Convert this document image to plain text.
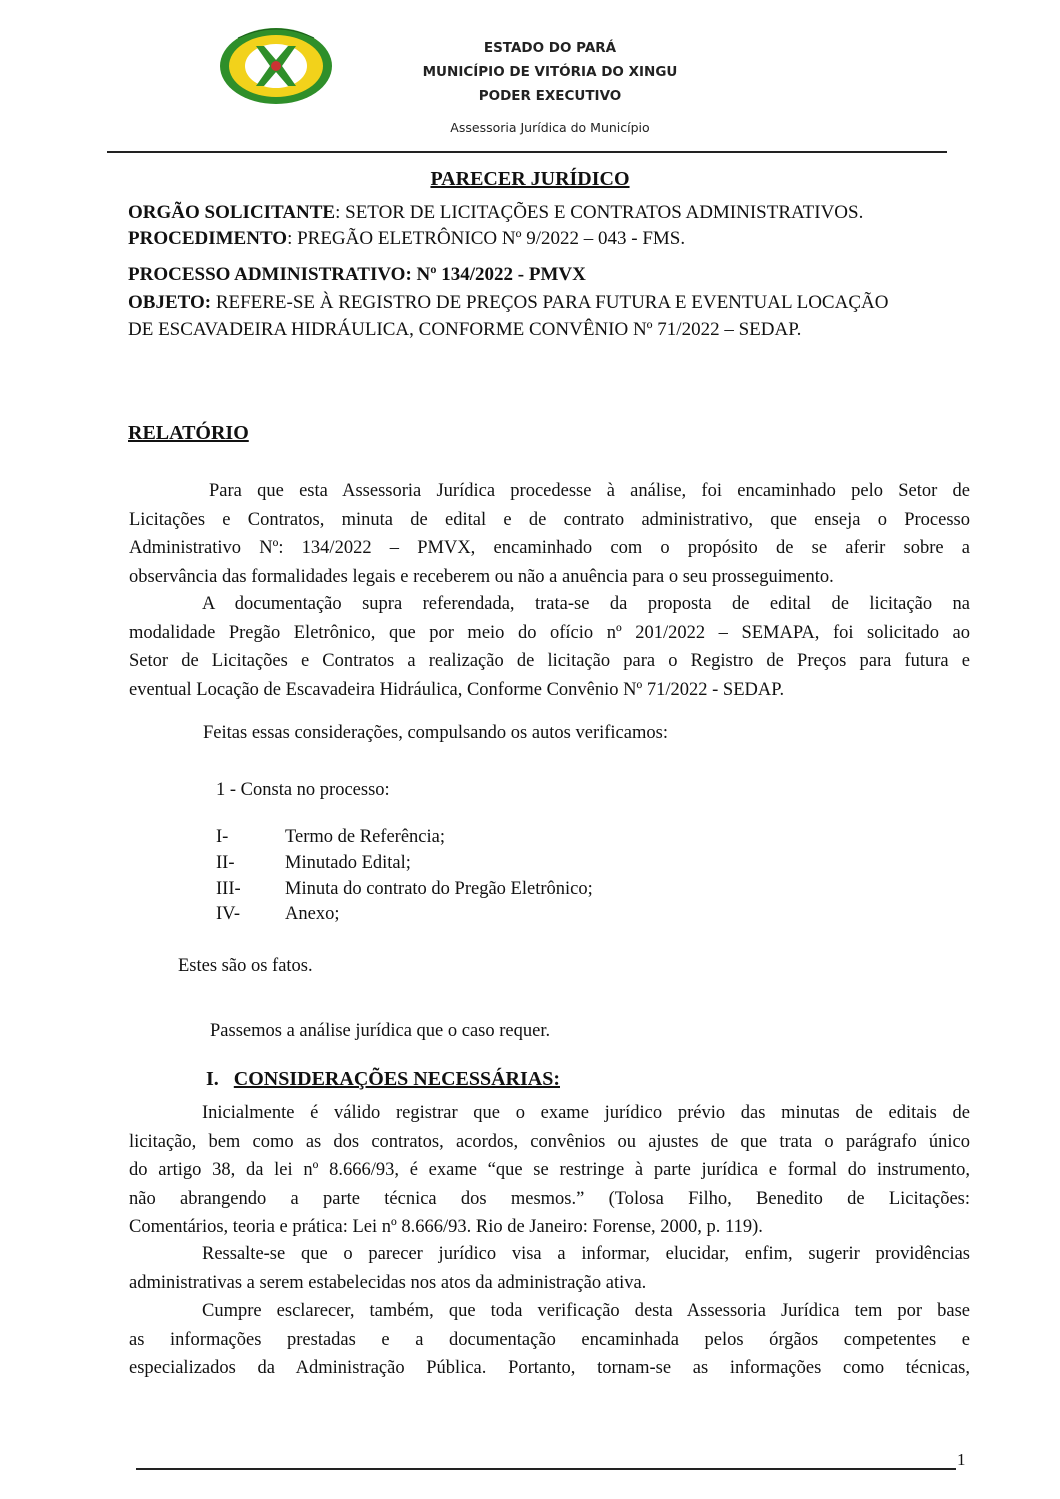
ESTADO DO PARÁ
MUNICÍPIO DE VITÓRIA DO XINGU
PODER EXECUTIVO
Assessoria Jurídica do Município
PARECER JURÍDICO
ORGÃO SOLICITANTE: SETOR DE LICITAÇÕES E CONTRATOS ADMINISTRATIVOS.
PROCEDIMENTO: PREGÃO ELETRÔNICO Nº 9/2022 – 043 - FMS.
PROCESSO ADMINISTRATIVO: Nº 134/2022 - PMVX
OBJETO: REFERE-SE À REGISTRO DE PREÇOS PARA FUTURA E EVENTUAL LOCAÇÃO
DE ESCAVADEIRA HIDRÁULICA, CONFORME CONVÊNIO Nº 71/2022 – SEDAP.
RELATÓRIO
Para que esta Assessoria Jurídica procedesse à análise, foi encaminhado pelo Setor de
Licitações e Contratos, minuta de edital e de contrato administrativo, que enseja o Processo
Administrativo Nº: 134/2022 – PMVX, encaminhado com o propósito de se aferir sobre a
observância das formalidades legais e receberem ou não a anuência para o seu prosseguimento.
A documentação supra referendada, trata-se da proposta de edital de licitação na
modalidade Pregão Eletrônico, que por meio do ofício nº 201/2022 – SEMAPA, foi solicitado ao
Setor de Licitações e Contratos a realização de licitação para o Registro de Preços para futura e
eventual Locação de Escavadeira Hidráulica, Conforme Convênio Nº 71/2022 - SEDAP.
Feitas essas considerações, compulsando os autos verificamos:
1 - Consta no processo:
I-	Termo de Referência;
II-	Minutado Edital;
III- Minuta do contrato do Pregão Eletrônico;
IV- Anexo;
Estes são os fatos.
Passemos a análise jurídica que o caso requer.
I. CONSIDERAÇÕES NECESSÁRIAS:
Inicialmente é válido registrar que o exame jurídico prévio das minutas de editais de
licitação, bem como as dos contratos, acordos, convênios ou ajustes de que trata o parágrafo único
do artigo 38, da lei nº 8.666/93, é exame “que se restringe à parte jurídica e formal do instrumento,
não abrangendo a parte técnica dos mesmos.” (Tolosa Filho, Benedito de Licitações:
Comentários, teoria e prática: Lei nº 8.666/93. Rio de Janeiro: Forense, 2000, p. 119).
Ressalte-se que o parecer jurídico visa a informar, elucidar, enfim, sugerir providências
administrativas a serem estabelecidas nos atos da administração ativa.
Cumpre esclarecer, também, que toda verificação desta Assessoria Jurídica tem por base
as informações prestadas e a documentação encaminhada pelos órgãos competentes e
especializados da Administração Pública. Portanto, tornam-se as informações como técnicas,
1
